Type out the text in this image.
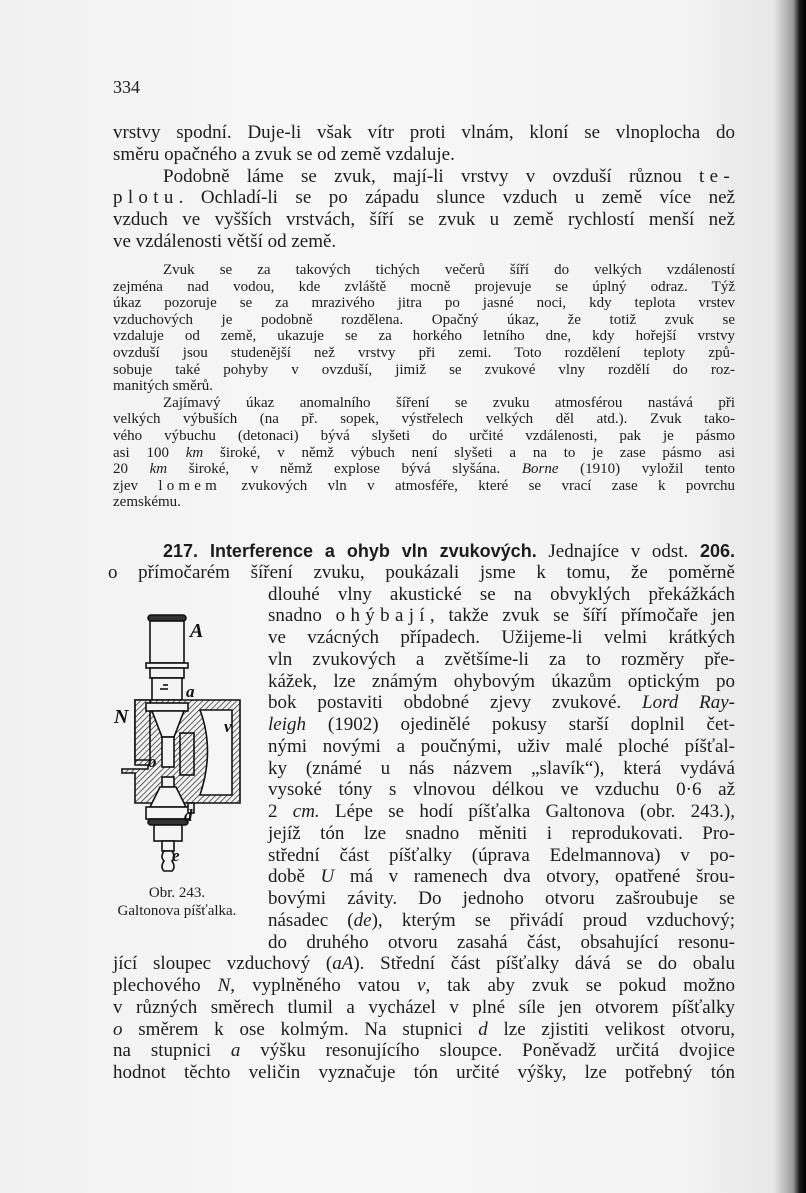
334
vrstvy spodní. Duje-li však vítr proti vlnám, kloní se vlnoplocha do
směru opačného a zvuk se od země vzdaluje.
Podobně láme se zvuk, mají-li vrstvy v ovzduší různou te-
plotu. Ochladí-li se po západu slunce vzduch u země více než
vzduch ve vyšších vrstvách, šíří se zvuk u země rychlostí menší než
ve vzdálenosti větší od země.
Zvuk se za takových tichých večerů šíří do velkých vzdáleností
zejména nad vodou, kde zvláště mocně projevuje se úplný odraz. Týž
úkaz pozoruje se za mrazivého jitra po jasné noci, kdy teplota vrstev
vzduchových je podobně rozdělena. Opačný úkaz, že totiž zvuk se
vzdaluje od země, ukazuje se za horkého letního dne, kdy hořejší vrstvy
ovzduší jsou studenější než vrstvy při zemi. Toto rozdělení teploty způ-
sobuje také pohyby v ovzduší, jimiž se zvukové vlny rozdělí do roz-
manitých směrů.
Zajímavý úkaz anomalního šíření se zvuku atmosférou nastává při
velkých výbuších (na př. sopek, výstřelech velkých děl atd.). Zvuk tako-
vého výbuchu (detonaci) bývá slyšeti do určité vzdálenosti, pak je pásmo
asi 100 km široké, v němž výbuch není slyšeti a na to je zase pásmo asi
20 km široké, v němž explose bývá slyšána. Borne (1910) vyložil tento
zjev lomem zvukových vln v atmosféře, které se vrací zase k povrchu
zemskému.
217. Interference a ohyb vln zvukových. Jednajíce v odst. 206.
o přímočarém šíření zvuku, poukázali jsme k tomu, že poměrně
dlouhé vlny akustické se na obvyklých překážkách
snadno ohýbají, takže zvuk se šíří přímočaře jen
ve vzácných případech. Užijeme-li velmi krátkých
vln zvukových a zvětšíme-li za to rozměry pře-
kážek, lze známým ohybovým úkazům optickým po
bok postaviti obdobné zjevy zvukové. Lord Ray-
leigh (1902) ojedinělé pokusy starší doplnil čet-
nými novými a poučnými, uživ malé ploché píšťal-
ky (známé u nás názvem „slavík“), která vydává
vysoké tóny s vlnovou délkou ve vzduchu 0·6 až
2 cm. Lépe se hodí píšťalka Galtonova (obr. 243.),
jejíž tón lze snadno měniti i reprodukovati. Pro-
střední část píšťalky (úprava Edelmannova) v po-
době U má v ramenech dva otvory, opatřené šrou-
bovými závity. Do jednoho otvoru zašroubuje se
násadec (de), kterým se přivádí proud vzduchový;
do druhého otvoru zasahá část, obsahující resonu-
jící sloupec vzduchový (aA). Střední část píšťalky dává se do obalu
plechového N, vyplněného vatou v, tak aby zvuk se pokud možno
v různých směrech tlumil a vycházel v plné síle jen otvorem píšťalky
o směrem k ose kolmým. Na stupnici d lze zjistiti velikost otvoru,
na stupnici a výšku resonujícího sloupce. Poněvadž určitá dvojice
hodnot těchto veličin vyznačuje tón určité výšky, lze potřebný tón
A
a
N	v
o
d
e
Obr. 243.
Galtonova píšťalka.
